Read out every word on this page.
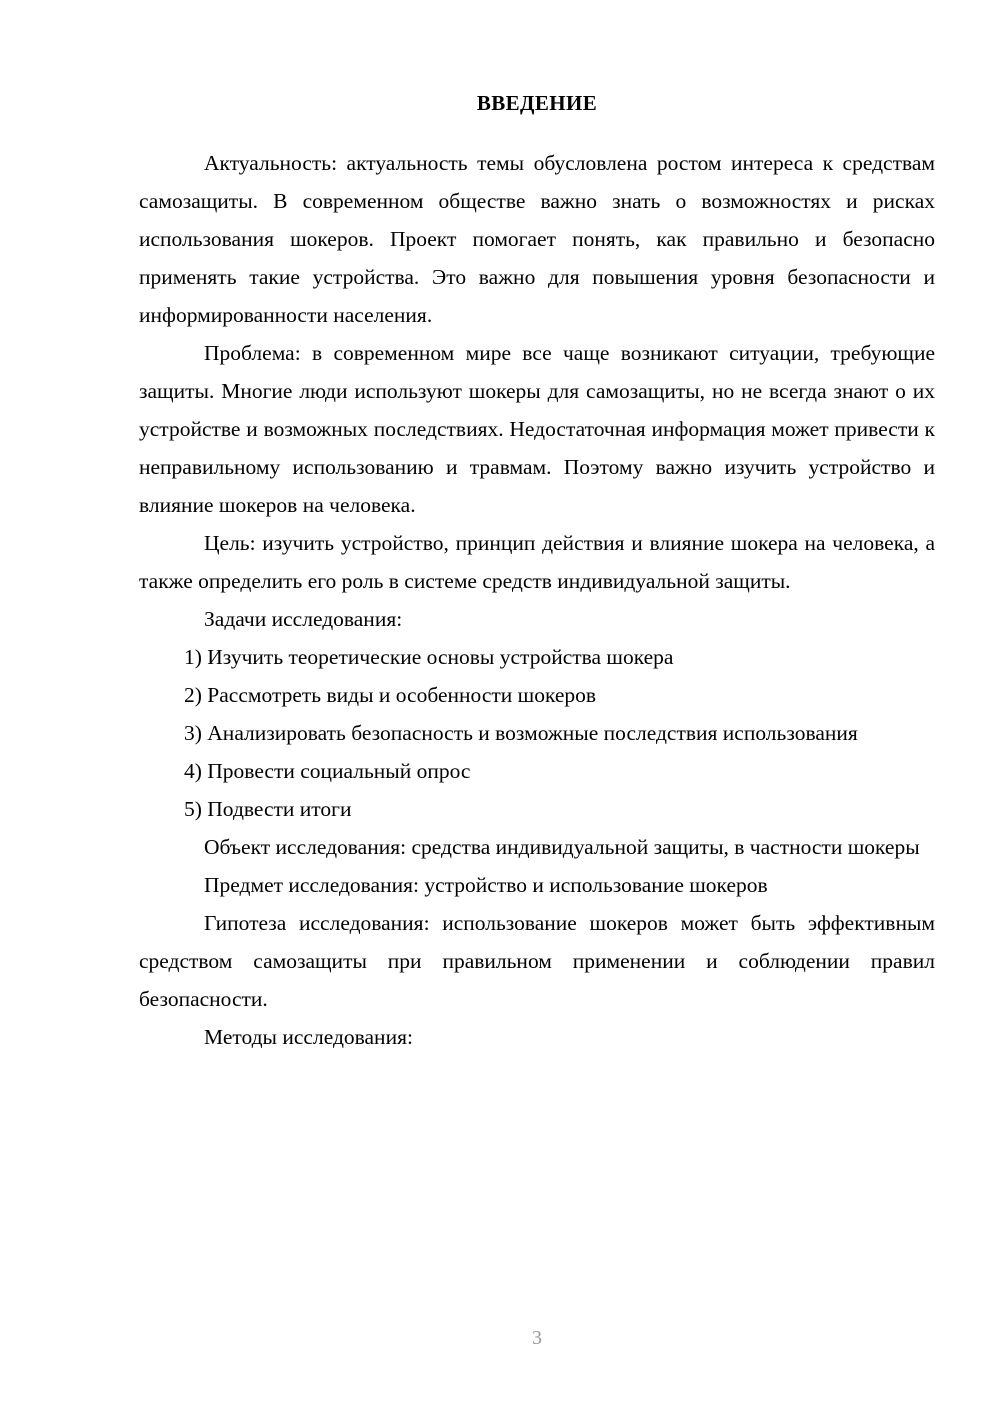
ВВЕДЕНИЕ

Актуальность: актуальность темы обусловлена ростом интереса к средствам самозащиты. В современном обществе важно знать о возможностях и рисках использования шокеров. Проект помогает понять, как правильно и безопасно применять такие устройства. Это важно для повышения уровня безопасности и информированности населения.

Проблема: в современном мире все чаще возникают ситуации, требующие защиты. Многие люди используют шокеры для самозащиты, но не всегда знают о их устройстве и возможных последствиях. Недостаточная информация может привести к неправильному использованию и травмам. Поэтому важно изучить устройство и влияние шокеров на человека.

Цель: изучить устройство, принцип действия и влияние шокера на человека, а также определить его роль в системе средств индивидуальной защиты.

Задачи исследования:

1) Изучить теоретические основы устройства шокера

2) Рассмотреть виды и особенности шокеров

3) Анализировать безопасность и возможные последствия использования

4) Провести социальный опрос

5) Подвести итоги

Объект исследования: средства индивидуальной защиты, в частности шокеры

Предмет исследования: устройство и использование шокеров

Гипотеза исследования: использование шокеров может быть эффективным средством самозащиты при правильном применении и соблюдении правил безопасности.

Методы исследования:

3
